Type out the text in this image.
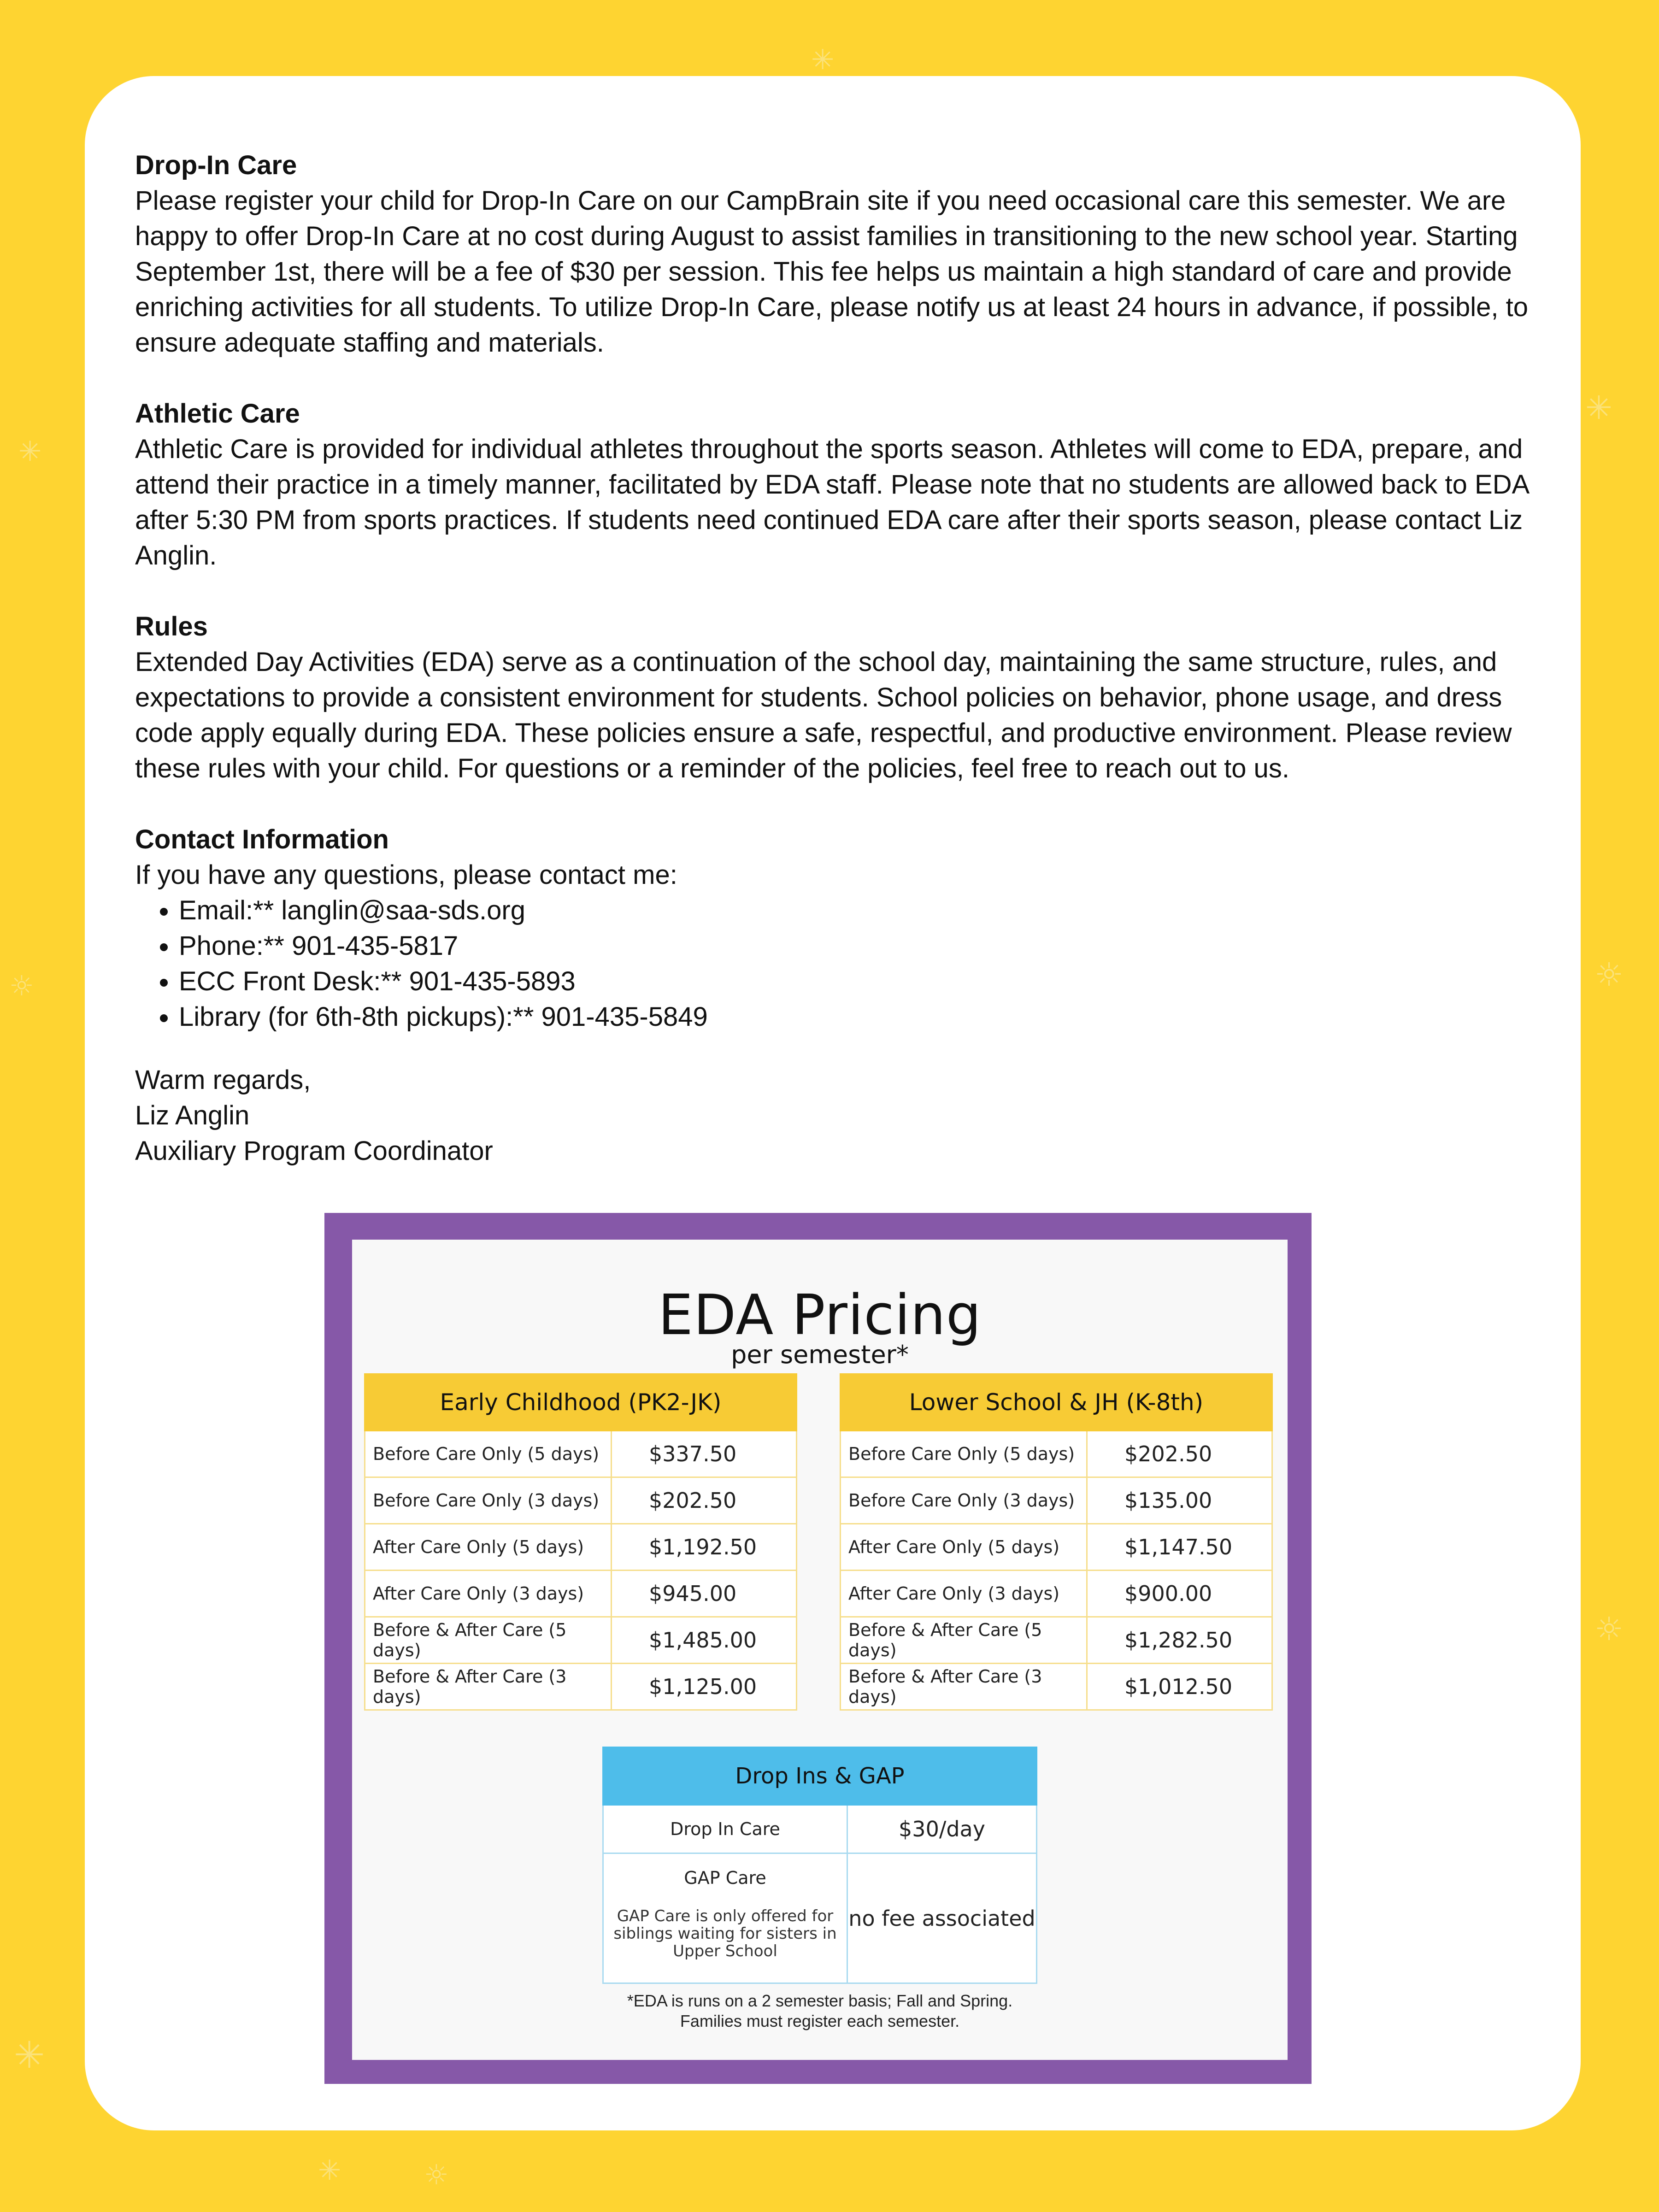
✳
✳
✳
☼
☼
☼
✳
☼
✳
Drop-In Care

Please register your child for Drop-In Care on our CampBrain site if you need occasional care this semester. We are happy to offer Drop-In Care at no cost during August to assist families in transitioning to the new school year. Starting September 1st, there will be a fee of $30 per session. This fee helps us maintain a high standard of care and provide enriching activities for all students. To utilize Drop-In Care, please notify us at least 24 hours in advance, if possible, to ensure adequate staffing and materials.

Athletic Care

Athletic Care is provided for individual athletes throughout the sports season. Athletes will come to EDA, prepare, and attend their practice in a timely manner, facilitated by EDA staff. Please note that no students are allowed back to EDA after 5:30 PM from sports practices. If students need continued EDA care after their sports season, please contact Liz Anglin.

Rules

Extended Day Activities (EDA) serve as a continuation of the school day, maintaining the same structure, rules, and expectations to provide a consistent environment for students. School policies on behavior, phone usage, and dress code apply equally during EDA. These policies ensure a safe, respectful, and productive environment. Please review these rules with your child. For questions or a reminder of the policies, feel free to reach out to us.

Contact Information
If you have any questions, please contact me:
• Email:** langlin@saa-sds.org
• Phone:** 901-435-5817
• ECC Front Desk:** 901-435-5893
• Library (for 6th-8th pickups):** 901-435-5849
Warm regards,
Liz Anglin
Auxiliary Program Coordinator
EDA Pricing
per semester*
Early Childhood (PK2-JK)	
Before Care Only (5 days)	$337.50
Before Care Only (3 days)	$202.50
After Care Only (5 days)	$1,192.50
After Care Only (3 days)	$945.00
Before & After Care (5 days)	$1,485.00
Before & After Care (3 days)	$1,125.00
Lower School & JH (K-8th)	
Before Care Only (5 days)	$202.50
Before Care Only (3 days)	$135.00
After Care Only (5 days)	$1,147.50
After Care Only (3 days)	$900.00
Before & After Care (5 days)	$1,282.50
Before & After Care (3 days)	$1,012.50
Drop Ins & GAP	
Drop In Care	$30/day

GAP Care
GAP Care is only offered for siblings waiting for sisters in Upper School	no fee associated
*EDA is runs on a 2 semester basis; Fall and Spring.
Families must register each semester.
